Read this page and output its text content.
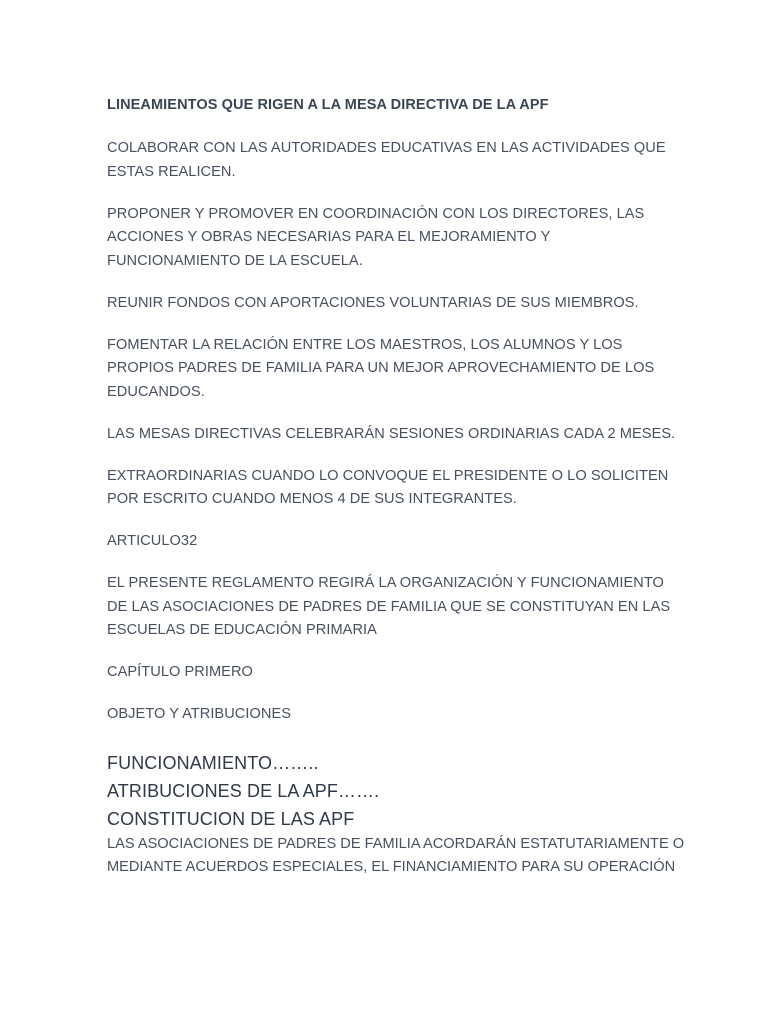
LINEAMIENTOS QUE RIGEN A LA MESA DIRECTIVA DE LA APF

COLABORAR CON LAS AUTORIDADES EDUCATIVAS EN LAS ACTIVIDADES QUE ESTAS REALICEN.

PROPONER Y PROMOVER EN COORDINACIÓN CON LOS DIRECTORES, LAS ACCIONES Y OBRAS NECESARIAS PARA EL MEJORAMIENTO Y FUNCIONAMIENTO DE LA ESCUELA.

REUNIR FONDOS CON APORTACIONES VOLUNTARIAS DE SUS MIEMBROS.

FOMENTAR LA RELACIÓN ENTRE LOS MAESTROS, LOS ALUMNOS Y LOS PROPIOS PADRES DE FAMILIA PARA UN MEJOR APROVECHAMIENTO DE LOS EDUCANDOS.

LAS MESAS DIRECTIVAS CELEBRARÁN SESIONES ORDINARIAS CADA 2 MESES.

EXTRAORDINARIAS CUANDO LO CONVOQUE EL PRESIDENTE O LO SOLICITEN POR ESCRITO CUANDO MENOS 4 DE SUS INTEGRANTES.

ARTICULO32

EL PRESENTE REGLAMENTO REGIRÁ LA ORGANIZACIÓN Y FUNCIONAMIENTO DE LAS ASOCIACIONES DE PADRES DE FAMILIA QUE SE CONSTITUYAN EN LAS ESCUELAS DE EDUCACIÓN PRIMARIA

CAPÍTULO PRIMERO

OBJETO Y ATRIBUCIONES

FUNCIONAMIENTO……..

ATRIBUCIONES DE LA APF…….

CONSTITUCION DE LAS APF

LAS ASOCIACIONES DE PADRES DE FAMILIA ACORDARÁN ESTATUTARIAMENTE O MEDIANTE ACUERDOS ESPECIALES, EL FINANCIAMIENTO PARA SU OPERACIÓN
